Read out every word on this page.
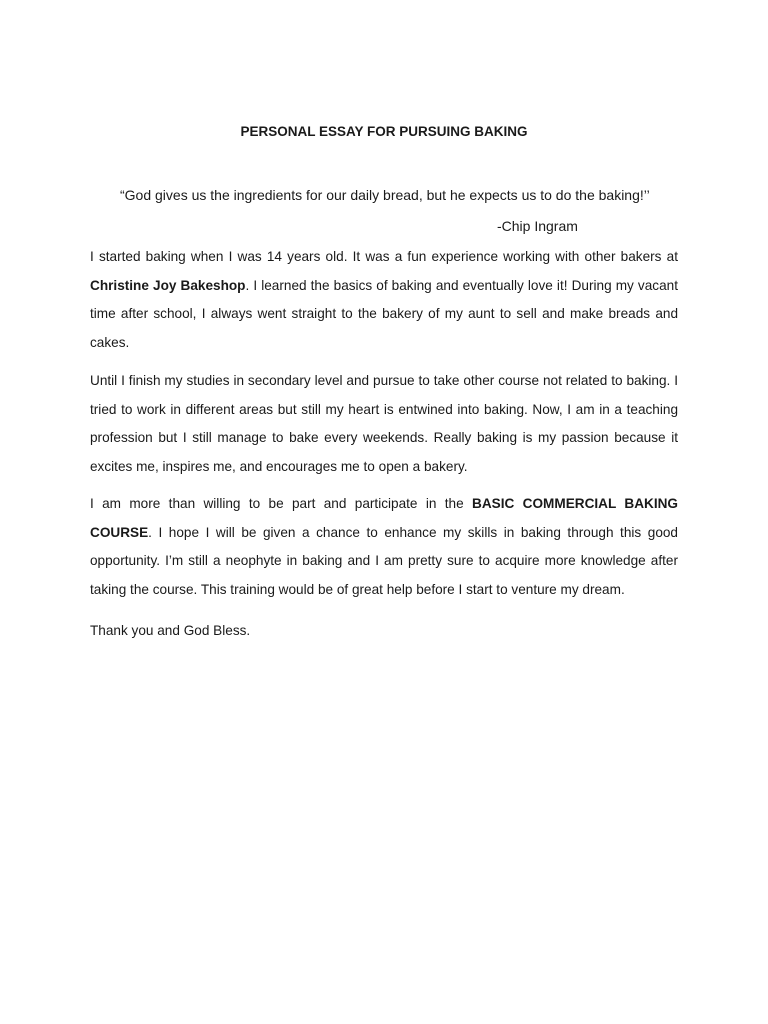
PERSONAL ESSAY FOR PURSUING BAKING
“God gives us the ingredients for our daily bread, but he expects us to do the baking!’’
-Chip Ingram

I started baking when I was 14 years old. It was a fun experience working with other bakers at Christine Joy Bakeshop. I learned the basics of baking and eventually love it! During my vacant time after school, I always went straight to the bakery of my aunt to sell and make breads and cakes.

Until I finish my studies in secondary level and pursue to take other course not related to baking. I tried to work in different areas but still my heart is entwined into baking. Now, I am in a teaching profession but I still manage to bake every weekends. Really baking is my passion because it excites me, inspires me, and encourages me to open a bakery.

I am more than willing to be part and participate in the BASIC COMMERCIAL BAKING COURSE. I hope I will be given a chance to enhance my skills in baking through this good opportunity. I’m still a neophyte in baking and I am pretty sure to acquire more knowledge after taking the course. This training would be of great help before I start to venture my dream.

Thank you and God Bless.
